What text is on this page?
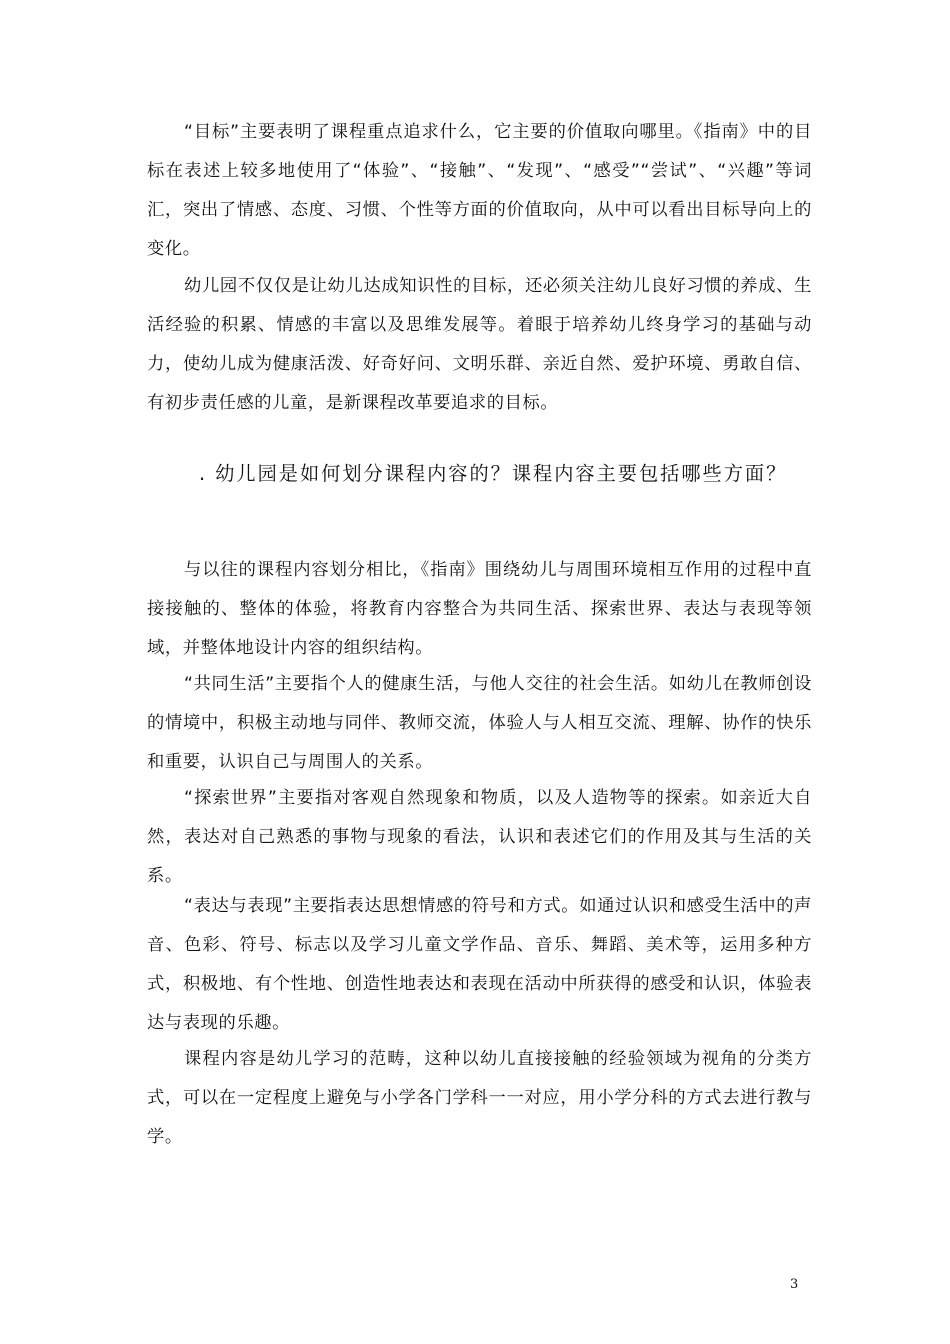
“目标”主要表明了课程重点追求什么，它主要的价值取向哪里。《指南》中的目标在表述上较多地使用了“体验”、“接触”、“发现”、“感受”“尝试”、“兴趣”等词汇，突出了情感、态度、习惯、个性等方面的价值取向，从中可以看出目标导向上的变化。

幼儿园不仅仅是让幼儿达成知识性的目标，还必须关注幼儿良好习惯的养成、生活经验的积累、情感的丰富以及思维发展等。着眼于培养幼儿终身学习的基础与动力，使幼儿成为健康活泼、好奇好问、文明乐群、亲近自然、爱护环境、勇敢自信、有初步责任感的儿童，是新课程改革要追求的目标。

. 幼儿园是如何划分课程内容的？课程内容主要包括哪些方面？

与以往的课程内容划分相比，《指南》围绕幼儿与周围环境相互作用的过程中直接接触的、整体的体验，将教育内容整合为共同生活、探索世界、表达与表现等领域，并整体地设计内容的组织结构。

“共同生活”主要指个人的健康生活，与他人交往的社会生活。如幼儿在教师创设的情境中，积极主动地与同伴、教师交流，体验人与人相互交流、理解、协作的快乐和重要，认识自己与周围人的关系。

“探索世界”主要指对客观自然现象和物质，以及人造物等的探索。如亲近大自然，表达对自己熟悉的事物与现象的看法，认识和表述它们的作用及其与生活的关系。

“表达与表现”主要指表达思想情感的符号和方式。如通过认识和感受生活中的声音、色彩、符号、标志以及学习儿童文学作品、音乐、舞蹈、美术等，运用多种方式，积极地、有个性地、创造性地表达和表现在活动中所获得的感受和认识，体验表达与表现的乐趣。

课程内容是幼儿学习的范畴，这种以幼儿直接接触的经验领域为视角的分类方式，可以在一定程度上避免与小学各门学科一一对应，用小学分科的方式去进行教与学。

3
